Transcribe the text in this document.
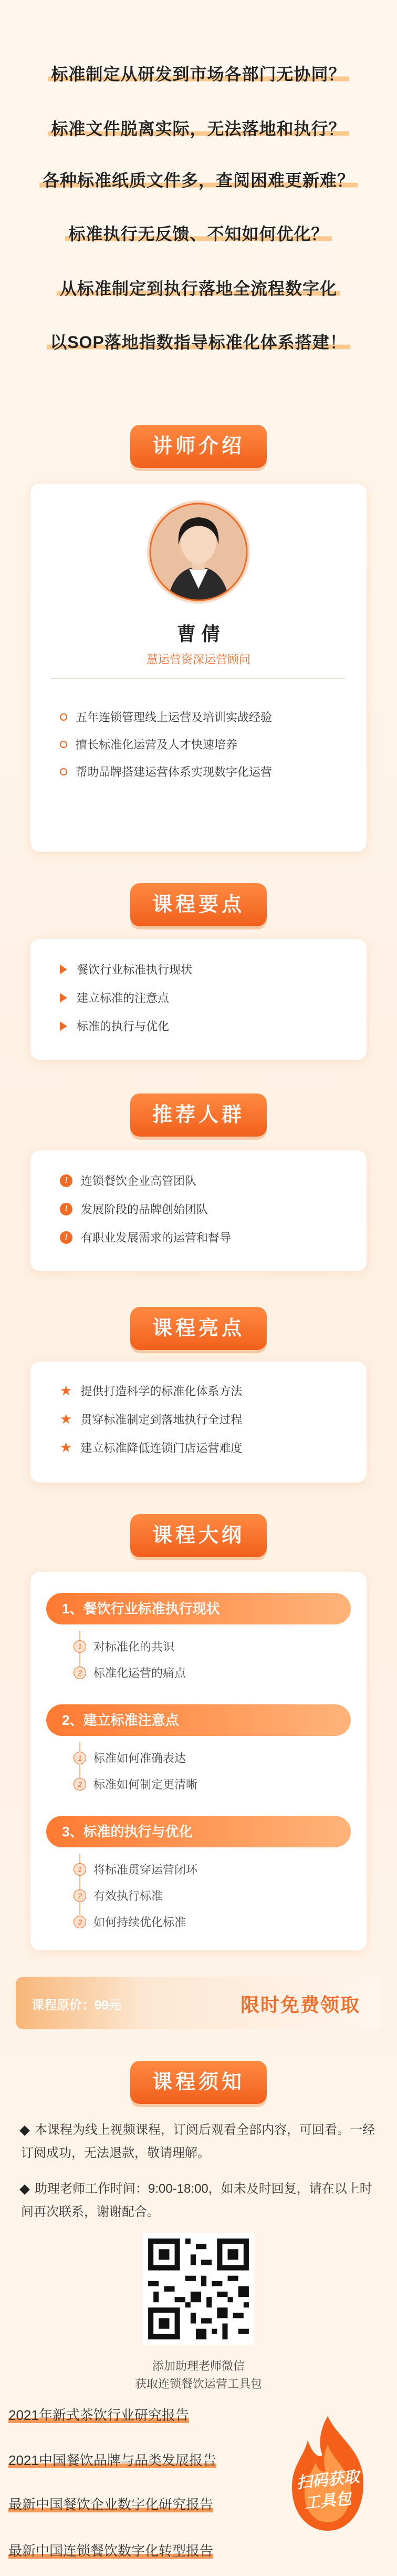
标准制定从研发到市场各部门无协同？
标准文件脱离实际，无法落地和执行？
各种标准纸质文件多，查阅困难更新难？
标准执行无反馈、不知如何优化？
从标准制定到执行落地全流程数字化
以SOP落地指数指导标准化体系搭建！
讲师介绍
曹 倩
慧运营资深运营顾问
五年连锁管理线上运营及培训实战经验
擅长标准化运营及人才快速培养
帮助品牌搭建运营体系实现数字化运营
课程要点
餐饮行业标准执行现状
建立标准的注意点
标准的执行与优化
推荐人群
!	连锁餐饮企业高管团队
!	发展阶段的品牌创始团队
!	有职业发展需求的运营和督导
课程亮点
★ 提供打造科学的标准化体系方法
★ 贯穿标准制定到落地执行全过程
★ 建立标准降低连锁门店运营难度
课程大纲
1、餐饮行业标准执行现状
1	对标准化的共识
2	标准化运营的痛点
2、建立标准注意点
1	标准如何准确表达
2	标准如何制定更清晰
3、标准的执行与优化
1	将标准贯穿运营闭环
2	有效执行标准
3	如何持续优化标准
课程原价：99元	限时免费领取
课程须知
本课程为线上视频课程，订阅后观看全部内容，可回看。一经订阅成功，无法退款，敬请理解。
助理老师工作时间：9:00-18:00，如未及时回复，请在以上时间再次联系，谢谢配合。
添加助理老师微信
获取连锁餐饮运营工具包
2021年新式茶饮行业研究报告
2021中国餐饮品牌与品类发展报告
最新中国餐饮企业数字化研究报告
最新中国连锁餐饮数字化转型报告
扫码获取
工具包
